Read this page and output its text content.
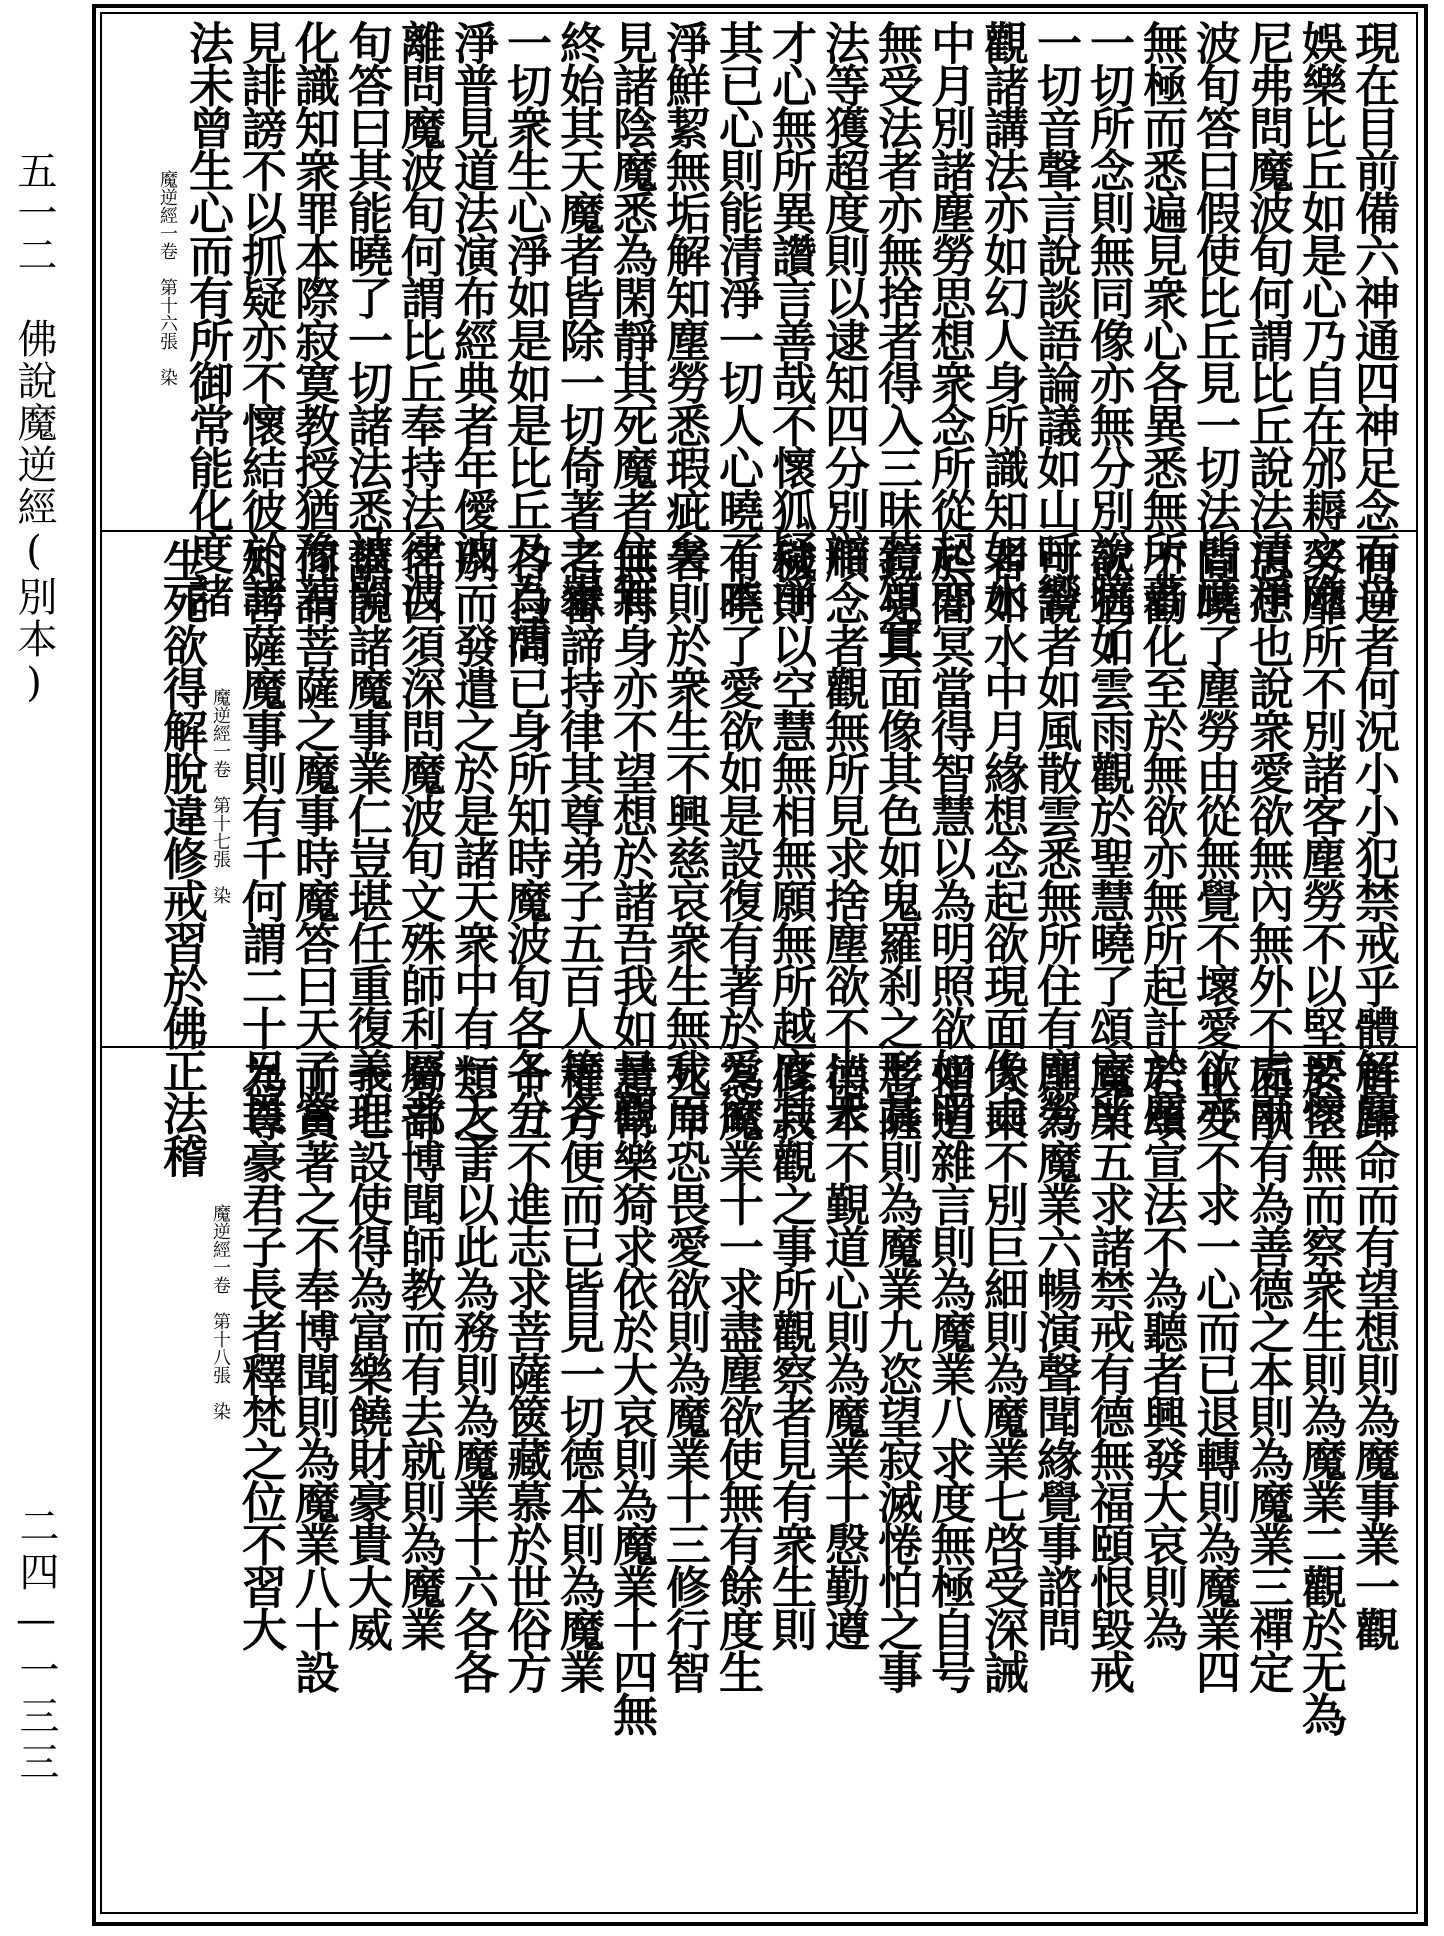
五一二　佛說魔逆經(別本)
二四—一三三
現在目前備六神通四神足念而自
娛樂比丘如是心乃自在邠耨文陁
尼弗問魔波旬何謂比丘說法清淨
波旬答曰假使比丘見一切法皆度
無極而悉遍見衆心各異悉無所著
一切所念則無同像亦無分別說曉了
一切音聲言說談語論議如山呼響
觀諸講法亦如幻人身所識知如水
中月別諸塵勞思想衆念所從起亦
無受法者亦無捨者得入三昧若頌宣
法等獲超度則以逮知四分別辯
才心無所異讚言善哉不懷狐疑淨
其已心則能清淨一切人心曉了本
淨鮮絜無垢解知塵勞悉瑕疵矣
見諸陰魔悉為閑靜其死魔者住無
終始其天魔者皆除一切倚著之嶽
一切衆生心淨如是如是比丘乃為清
淨普見道法演布經典者年僾波
離問魔波旬何謂比丘奉持法律波
旬答曰其能曉了一切諸法悉被開
化識知衆罪本際寂寞教授猶豫若
見誹謗不以抓疑亦不懷結彼於諸
法未曾生心而有所御常能化度諸
魔逆經一卷　第十六張　染
有逆者何況小小犯禁戒乎體解塵
勞靡所不別諸客塵勞不以堅要懷
思想也說衆愛欲無內無外不處兩
間曉了塵勞由從無覺不壞愛欲亦
不勸化至於無欲亦無所起計於塵
欲猶如雲雨觀於聖慧曉了頌宣所
可說者如風散雲悉無所住有塵勞
者如水中月緣想念起欲現面像由
於闇冥當得智慧以為明照欲如明
鏡見其面像其色如鬼羅刹之形其
順念者觀無所見求捨塵欲不出衆
穢則以空慧無相無願無所越度其
有曉了愛欲如是設復有著於愛欲
者則於衆生不興慈哀衆生無我而
無有身亦不望想於諸吾我如是觀
者審諦持律其尊弟子五百人等各
各自問已身所知時魔波旬各各分
別而發遣之於是諸天衆中有一天子
名曰須深問魔波旬文殊師利屬者
講說諸魔事業仁豈堪任重復義理
何謂菩薩之魔事時魔答曰天子當
知菩薩魔事則有千何謂二十兄畏
魔逆經一卷　第十七張　染
生死欲得解脫違修戒習於佛正法稽
首歸命而有望想則為魔事業一觀
於空無而察衆生則為魔業二觀於无為
而猒有為善德之本則為魔業三禪定
止受不求一心而已退轉則為魔業四
若頌宣法不為聽者興發大哀則為
魔業五求諸禁戒有德無福頤恨毀戒
則為魔業六暢演聲聞緣覺事諮問
大乘不別巨細則為魔業七啓受深誡
憎道雜言則為魔業八求度無極自号
菩薩則為魔業九恣望寂滅惓怕之事
德本不覲道心則為魔業十慇勤遵
修寂觀之事所觀察者見有衆生則
為魔業十一求盡塵欲使無有餘度生
死岸恐畏愛欲則為魔業十三修行智
慧常樂猗求依於大哀則為魔業十四無
權方便而已皆見一切德本則為魔業
十五不進志求菩薩篋藏慕於世俗方
類之言以此為務則為魔業十六各各
分部博聞師教而有去就則為魔業
十七設使得為富樂饒財豪貴大威
而貪著之不奉博聞則為魔業八十設
為尊豪君子長者釋梵之位不習大
魔逆經一卷　第十八張　染
